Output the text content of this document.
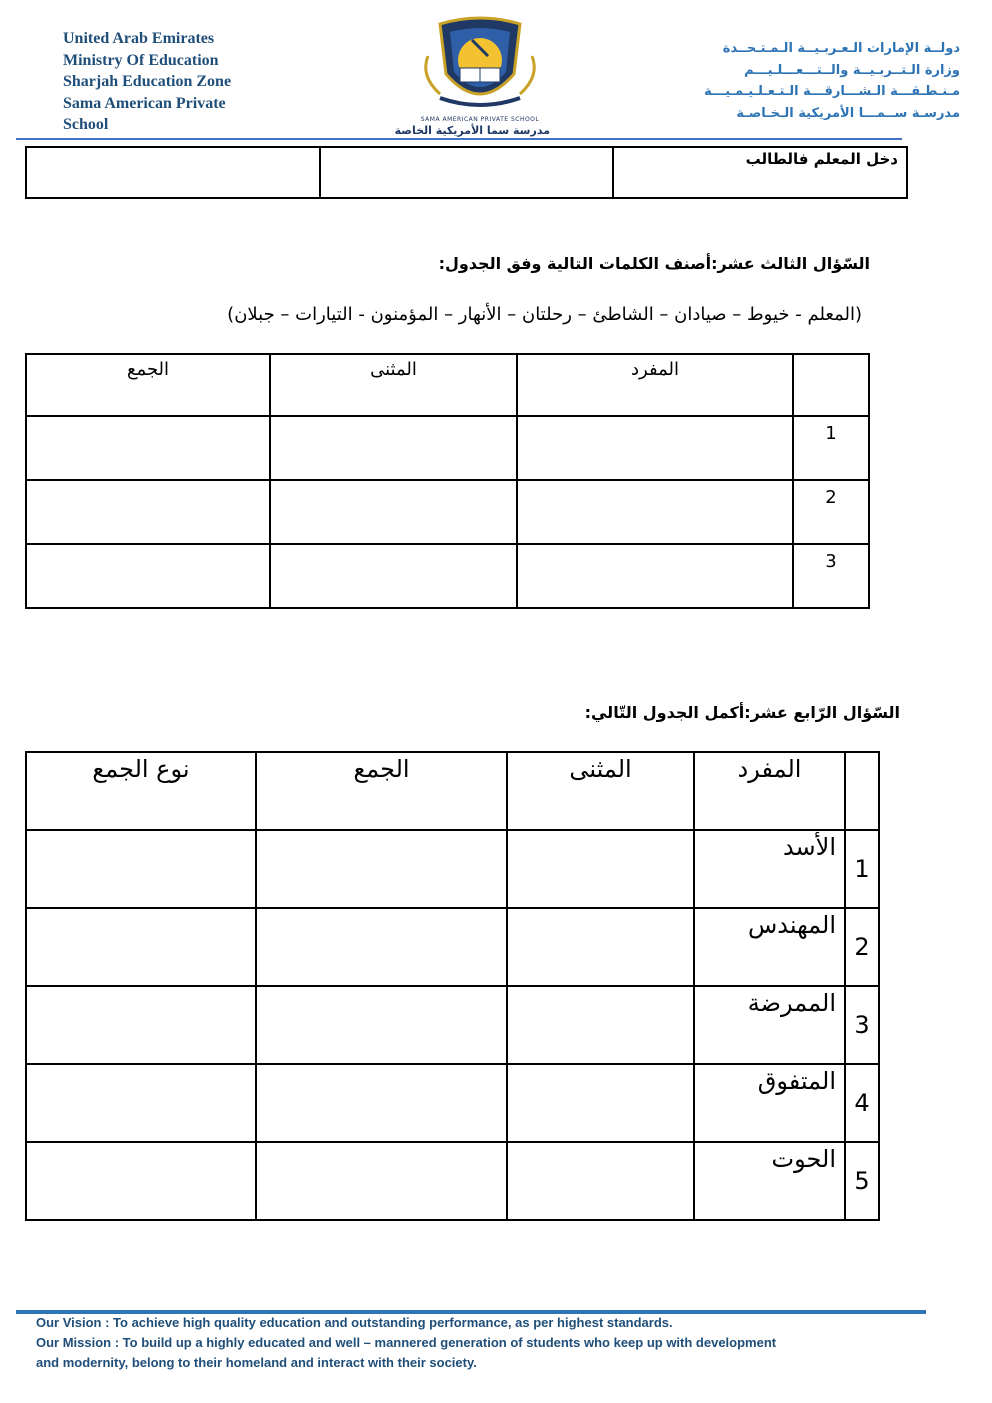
United Arab Emirates
Ministry Of Education
Sharjah Education Zone
Sama American Private
School	SAMA AMERICAN PRIVATE SCHOOL
مدرسة سما الأمريكية الخاصة
دولــة الإمارات الـعـربـيــة الـمـتـحــدة
وزارة الـتــربـيــة والــتـــعـــلـيـــم
مـنـطـقـــة الـشـــارقـــة الـتـعـلـيـمـيـــة
مدرسـة ســمـــا الأمريكية الـخـاصـة
دخل المعلم فالطالب		
السّؤال الثالث عشر:أصنف الكلمات التالية وفق الجدول:
(المعلم - خيوط – صيادان – الشاطئ – رحلتان – الأنهار – المؤمنون - التيارات – جبلان)
	المفرد	المثنى	الجمع
1			
2			
3			
السّؤال الرّابع عشر:أكمل الجدول التّالي:
	المفرد	المثنى	الجمع	نوع الجمع
1	الأسد			
2	المهندس			
3	الممرضة			
4	المتفوق			
5	الحوت			
Our Vision : To achieve high quality education and outstanding performance, as per highest standards.
Our Mission : To build up a highly educated and well – mannered generation of students who keep up with development
and modernity, belong to their homeland and interact with their society.
